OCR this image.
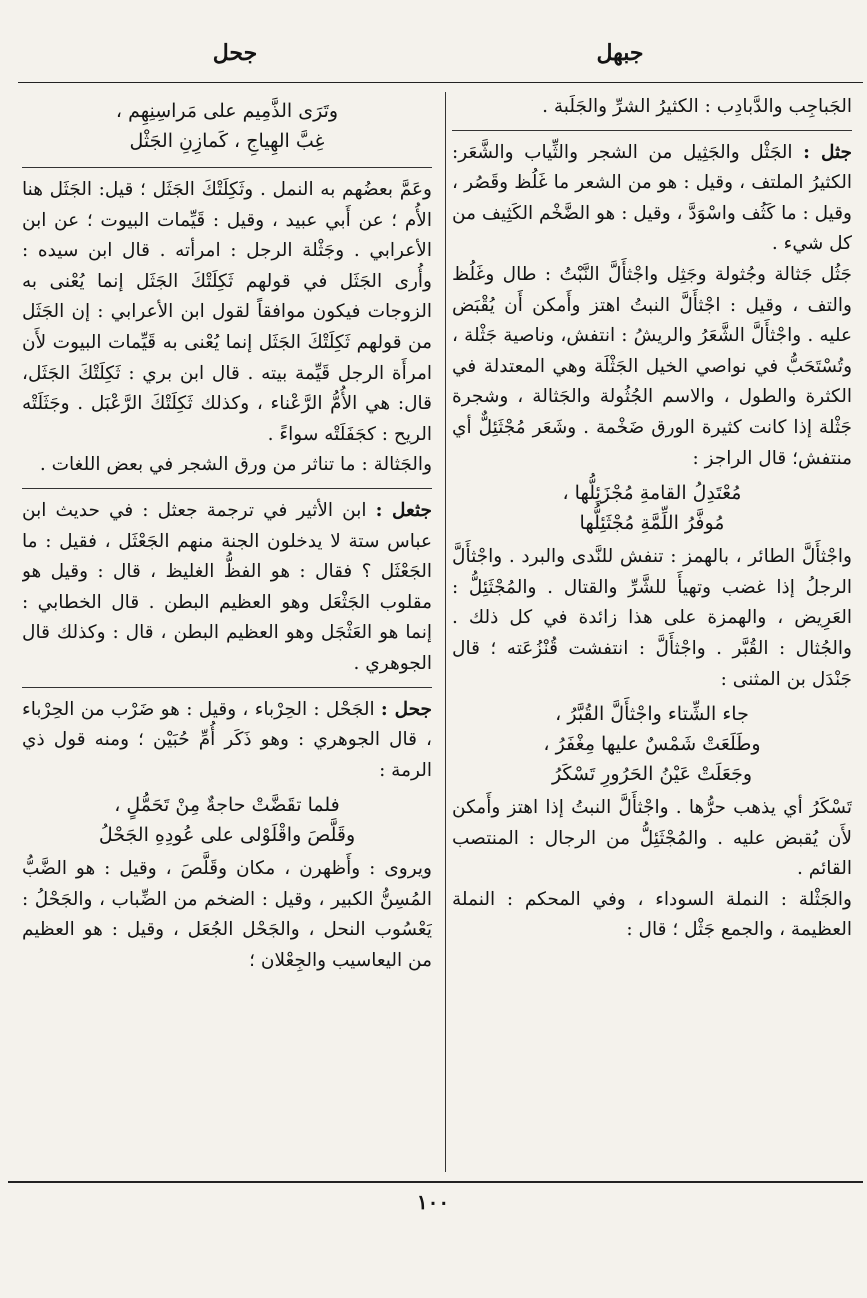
جبهل
جحل

الجَباجِب والدَّبادِب : الكثيرُ الشرِّ والجَلَبة .

جثل : الجَثْل والجَثِيل من الشجر والثِّياب والشَّعَر: الكثيرُ الملتف ، وقيل : هو من الشعر ما غَلُظ وقَصُر ، وقيل : ما كَثُف واسْوَدَّ ، وقيل : هو الضَّخْم الكَثِيف من كل شيء .

جَثُل جَثالة وجُثولة وجَثِل واجْثأَلَّ النَّبْتُ : طال وغَلُظ والتف ، وقيل : اجْثأَلَّ النبتُ اهتز وأَمكن أَن يُقْبَض عليه . واجْثأَلَّ الشَّعَرُ والريشُ : انتفش، وناصية جَثْلة ، وتُسْتَحَبُّ في نواصي الخيل الجَثْلَة وهي المعتدلة في الكثرة والطول ، والاسم الجُثُولة والجَثالة ، وشجرة جَثْلة إذا كانت كثيرة الورق ضَخْمة . وشَعَر مُجْثَئِلٌّ أي منتفش؛ قال الراجز :

مُعْتَدِلُ القامةِ مُجْزَئِلُّها ،
مُوفَّرُ اللِّمَّةِ مُجْثَئِلُّها

واجْثأَلَّ الطائر ، بالهمز : تنفش للنَّدى والبرد . واجْثأَلَّ الرجلُ إذا غضب وتهيأَ للشَّرِّ والقتال . والمُجْثَئِلُّ : العَرِيض ، والهمزة على هذا زائدة في كل ذلك . والجُثال : القُبَّر . واجْثأَلَّ : انتفشت قُنْزُعَته ؛ قال جَنْدَل بن المثنى :

جاء الشِّتاء واجْثأَلَّ القُبَّرُ ،
وطَلَعَتْ شَمْسٌ عليها مِغْفَرُ ،
وجَعَلَتْ عَيْنُ الحَرُورِ تَسْكَرُ

تَسْكَرُ أي يذهب حرُّها . واجْثأَلَّ النبتُ إذا اهتز وأَمكن لأَن يُقبض عليه . والمُجْثَئِلُّ من الرجال : المنتصب القائم .

والجَثْلة : النملة السوداء ، وفي المحكم : النملة العظيمة ، والجمع جَثْل ؛ قال :

وتَرَى الذَّمِيم على مَراسِنِهِم ،
غِبَّ الهِياجِ ، كَمازِنِ الجَثْل

وعَمَّ بعضُهم به النمل . وثَكِلَتْكَ الجَثَل ؛ قيل: الجَثَل هنا الأُم ؛ عن أَبي عبيد ، وقيل : قَيِّمات البيوت ؛ عن ابن الأعرابي . وجَثْلة الرجل : امرأته . قال ابن سيده : وأُرى الجَثَل في قولهم ثَكِلَتْكَ الجَثَل إنما يُعْنى به الزوجات فيكون موافقاً لقول ابن الأعرابي : إن الجَثَل من قولهم ثَكِلَتْكَ الجَثَل إنما يُعْنى به قَيِّمات البيوت لأَن امرأَة الرجل قَيِّمة بيته . قال ابن بري : ثَكِلَتْكَ الجَثَل، قال: هي الأُمُّ الرَّعْناء ، وكذلك ثَكِلَتْكَ الرَّعْبَل . وجَثَلَتْه الريح : كجَفَلَتْه سواءً .

والجَثالة : ما تناثر من ورق الشجر في بعض اللغات .

جثعل : ابن الأثير في ترجمة جعثل : في حديث ابن عباس ستة لا يدخلون الجنة منهم الجَعْثَل ، فقيل : ما الجَعْثَل ؟ فقال : هو الفظُّ الغليظ ، قال : وقيل هو مقلوب الجَثْعَل وهو العظيم البطن . قال الخطابي : إنما هو العَثْجَل وهو العظيم البطن ، قال : وكذلك قال الجوهري .

جحل : الجَحْل : الحِرْباء ، وقيل : هو ضَرْب من الحِرْباء ، قال الجوهري : وهو ذَكَر أُمِّ حُبَيْن ؛ ومنه قول ذي الرمة :

فلما تقَضَّتْ حاجةٌ مِنْ تَحَمُّلٍ ،
وقَلَّصَ واقْلَوْلى على عُودِهِ الجَحْلُ

ويروى : وأَظهرن ، مكان وقَلَّصَ ، وقيل : هو الضَّبُّ المُسِنُّ الكبير ، وقيل : الضخم من الضِّباب ، والجَحْلُ : يَعْسُوب النحل ، والجَحْل الجُعَل ، وقيل : هو العظيم من اليعاسيب والجِعْلان ؛

١٠٠
